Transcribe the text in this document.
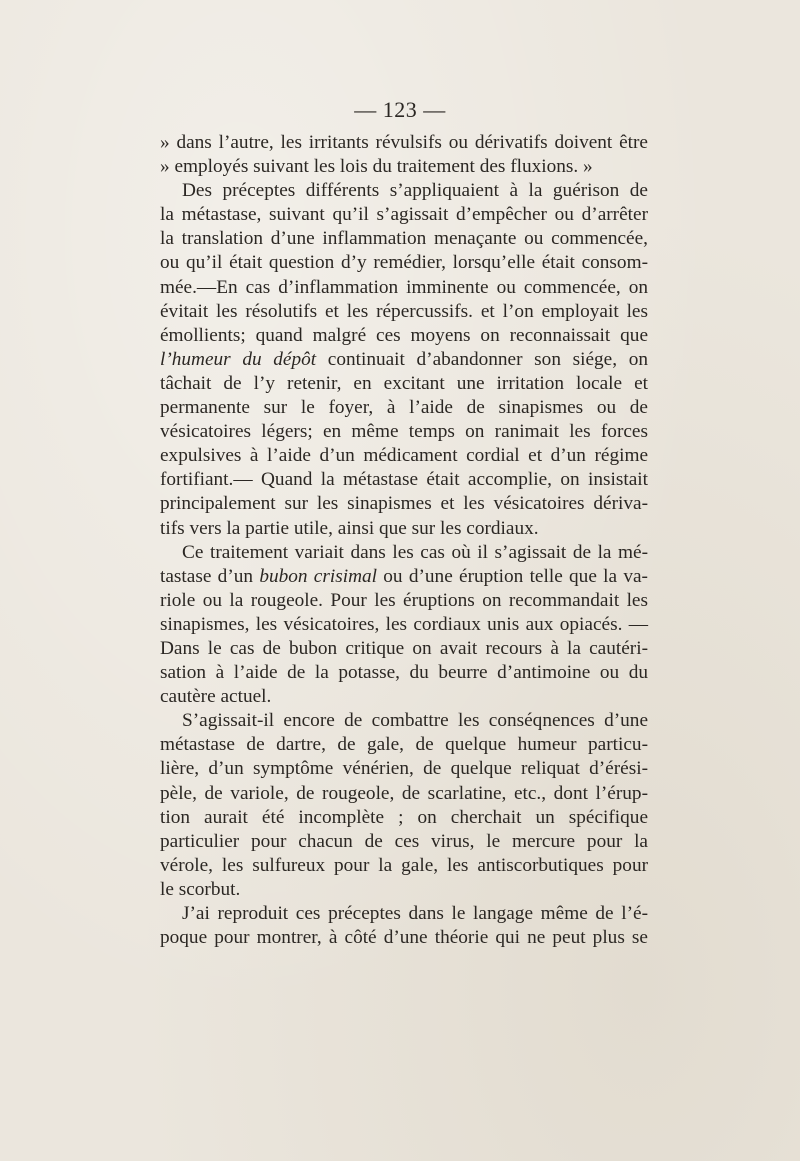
— 123 —
» dans l’autre, les irritants révulsifs ou dérivatifs doivent être
» employés suivant les lois du traitement des fluxions. »
Des préceptes différents s’appliquaient à la guérison de
la métastase, suivant qu’il s’agissait d’empêcher ou d’arrêter
la translation d’une inflammation menaçante ou commencée,
ou qu’il était question d’y remédier, lorsqu’elle était consom-
mée.—En cas d’inflammation imminente ou commencée, on
évitait les résolutifs et les répercussifs. et l’on employait les
émollients; quand malgré ces moyens on reconnaissait que
l’humeur du dépôt continuait d’abandonner son siége, on
tâchait de l’y retenir, en excitant une irritation locale et
permanente sur le foyer, à l’aide de sinapismes ou de
vésicatoires légers; en même temps on ranimait les forces
expulsives à l’aide d’un médicament cordial et d’un régime
fortifiant.— Quand la métastase était accomplie, on insistait
principalement sur les sinapismes et les vésicatoires dériva-
tifs vers la partie utile, ainsi que sur les cordiaux.
Ce traitement variait dans les cas où il s’agissait de la mé-
tastase d’un bubon crisimal ou d’une éruption telle que la va-
riole ou la rougeole. Pour les éruptions on recommandait les
sinapismes, les vésicatoires, les cordiaux unis aux opiacés. —
Dans le cas de bubon critique on avait recours à la cautéri-
sation à l’aide de la potasse, du beurre d’antimoine ou du
cautère actuel.
S’agissait-il encore de combattre les conséqnences d’une
métastase de dartre, de gale, de quelque humeur particu-
lière, d’un symptôme vénérien, de quelque reliquat d’érési-
pèle, de variole, de rougeole, de scarlatine, etc., dont l’érup-
tion aurait été incomplète ; on cherchait un spécifique
particulier pour chacun de ces virus, le mercure pour la
vérole, les sulfureux pour la gale, les antiscorbutiques pour
le scorbut.
J’ai reproduit ces préceptes dans le langage même de l’é-
poque pour montrer, à côté d’une théorie qui ne peut plus se
